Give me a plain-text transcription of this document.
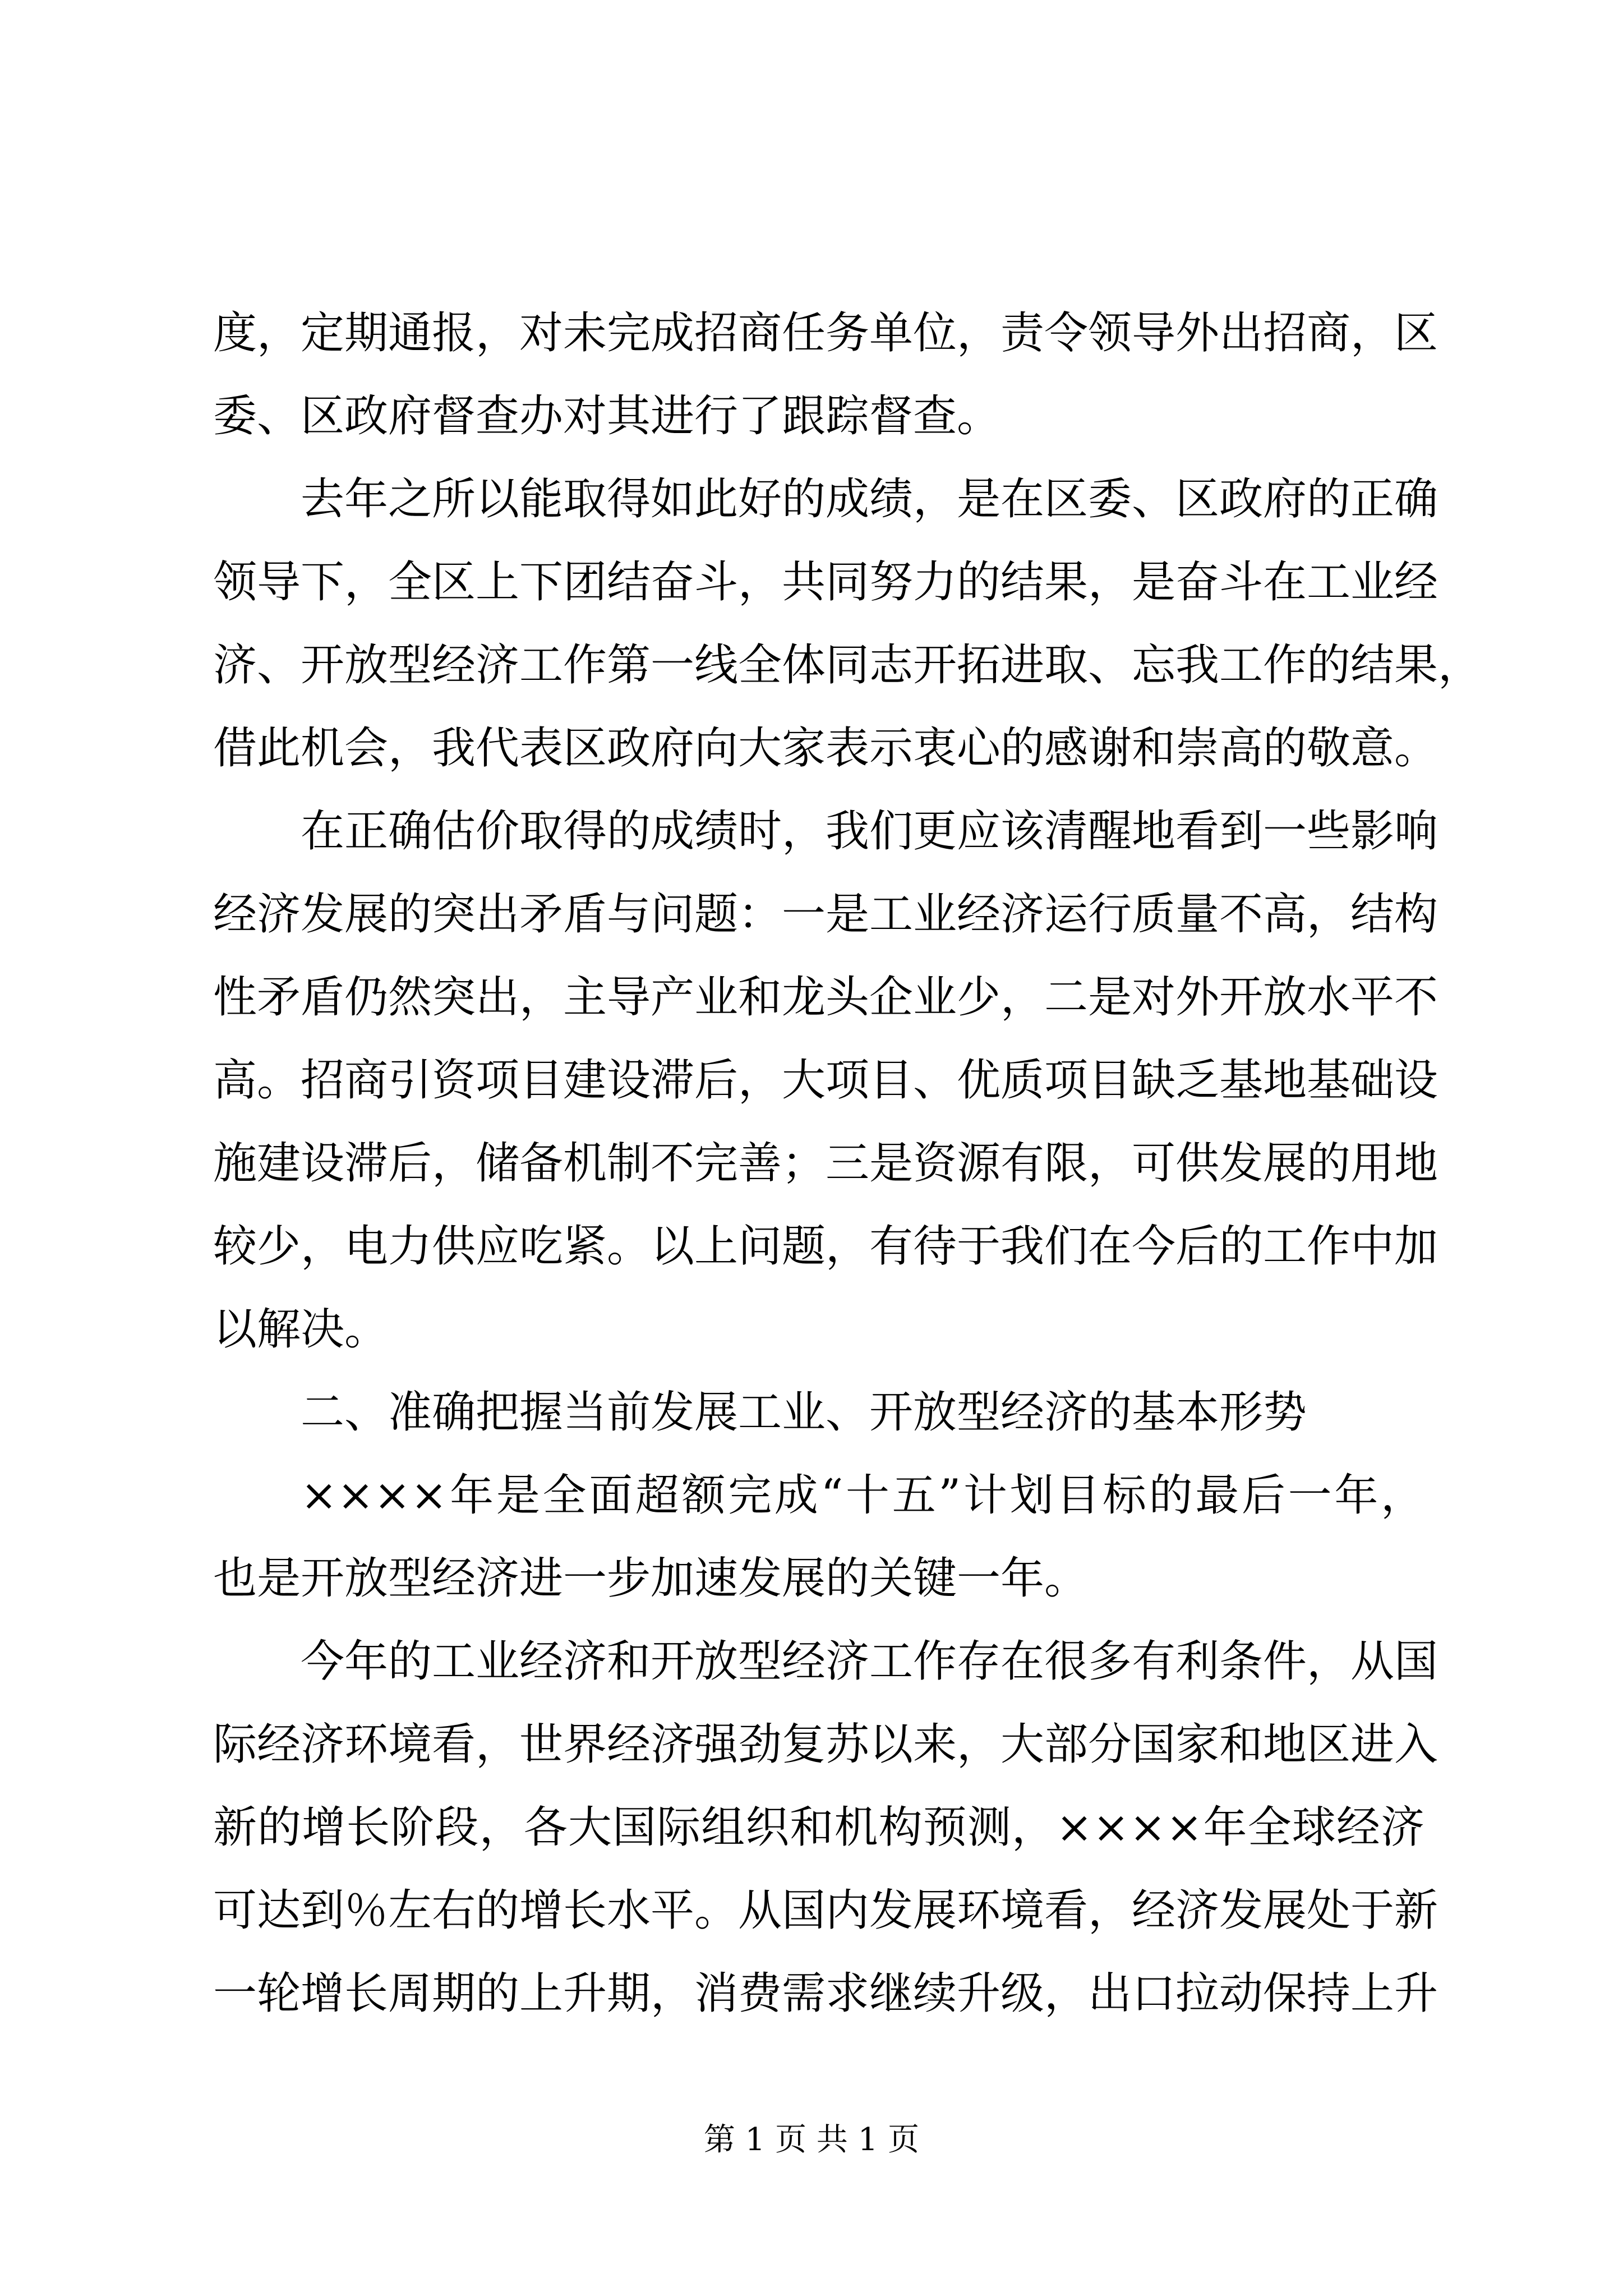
度，定期通报，对未完成招商任务单位，责令领导外出招商，区
委、区政府督查办对其进行了跟踪督查。
去年之所以能取得如此好的成绩，是在区委、区政府的正确
领导下，全区上下团结奋斗，共同努力的结果，是奋斗在工业经
济、开放型经济工作第一线全体同志开拓进取、忘我工作的结果，
借此机会，我代表区政府向大家表示衷心的感谢和崇高的敬意。
在正确估价取得的成绩时，我们更应该清醒地看到一些影响
经济发展的突出矛盾与问题：一是工业经济运行质量不高，结构
性矛盾仍然突出，主导产业和龙头企业少，二是对外开放水平不
高。招商引资项目建设滞后，大项目、优质项目缺乏基地基础设
施建设滞后，储备机制不完善；三是资源有限，可供发展的用地
较少，电力供应吃紧。以上问题，有待于我们在今后的工作中加
以解决。
二、准确把握当前发展工业、开放型经济的基本形势
××××年是全面超额完成“十五”计划目标的最后一年，
也是开放型经济进一步加速发展的关键一年。
今年的工业经济和开放型经济工作存在很多有利条件，从国
际经济环境看，世界经济强劲复苏以来，大部分国家和地区进入
新的增长阶段，各大国际组织和机构预测，××××年全球经济
可达到％左右的增长水平。从国内发展环境看，经济发展处于新
一轮增长周期的上升期，消费需求继续升级，出口拉动保持上升
第 1 页 共 1 页
